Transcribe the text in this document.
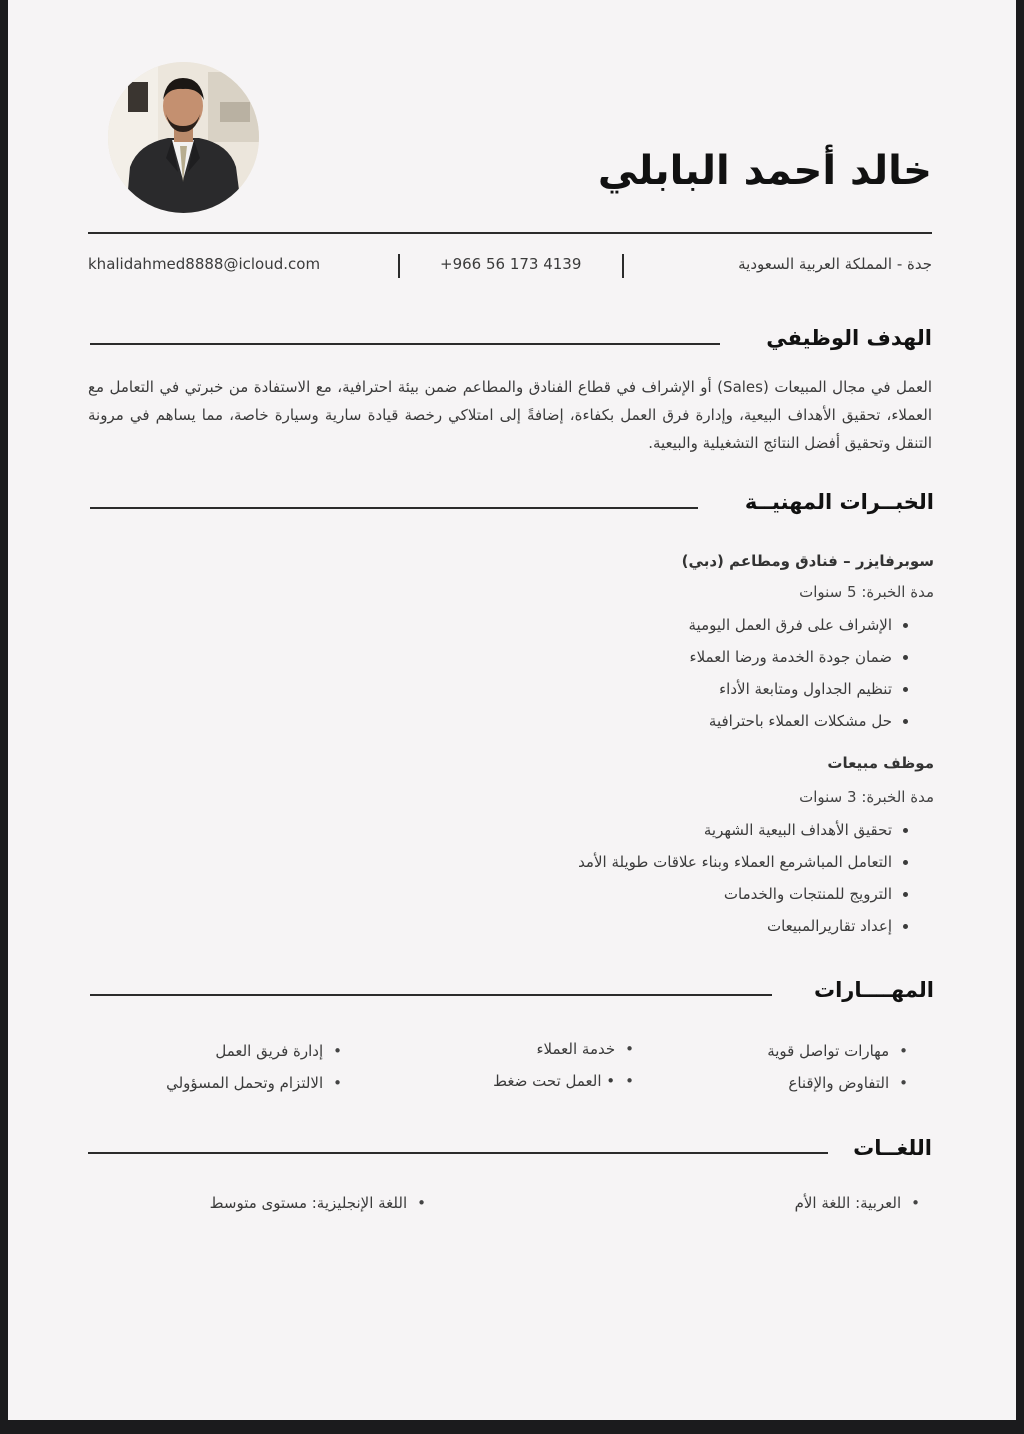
خالد أحمد البابلي
جدة - المملكة العربية السعودية
+966 56 173 4139
khalidahmed8888@icloud.com
الهدف الوظيفي
العمل في مجال المبيعات (Sales) أو الإشراف في قطاع الفنادق والمطاعم ضمن بيئة احترافية، مع الاستفادة من خبرتي في التعامل مع العملاء، تحقيق الأهداف البيعية، وإدارة فرق العمل بكفاءة، إضافةً إلى امتلاكي رخصة قيادة سارية وسيارة خاصة، مما يساهم في مرونة التنقل وتحقيق أفضل النتائج التشغيلية والبيعية.
الخبــرات المهنيــة
سوبرفايزر – فنادق ومطاعم (دبي)
مدة الخبرة: 5 سنوات
• الإشراف على فرق العمل اليومية
• ضمان جودة الخدمة ورضا العملاء
• تنظيم الجداول ومتابعة الأداء
• حل مشكلات العملاء باحترافية
موظف مبيعات
مدة الخبرة: 3 سنوات
• تحقيق الأهداف البيعية الشهرية
• التعامل المباشرمع العملاء وبناء علاقات طويلة الأمد
• الترويج للمنتجات والخدمات
• إعداد تقاريرالمبيعات
المهــــارات
• مهارات تواصل قوية
• خدمة العملاء
• إدارة فريق العمل
• التفاوض والإقناع
• • العمل تحت ضغط
• الالتزام وتحمل المسؤولي
اللغــات
• العربية: اللغة الأم
• اللغة الإنجليزية: مستوى متوسط
